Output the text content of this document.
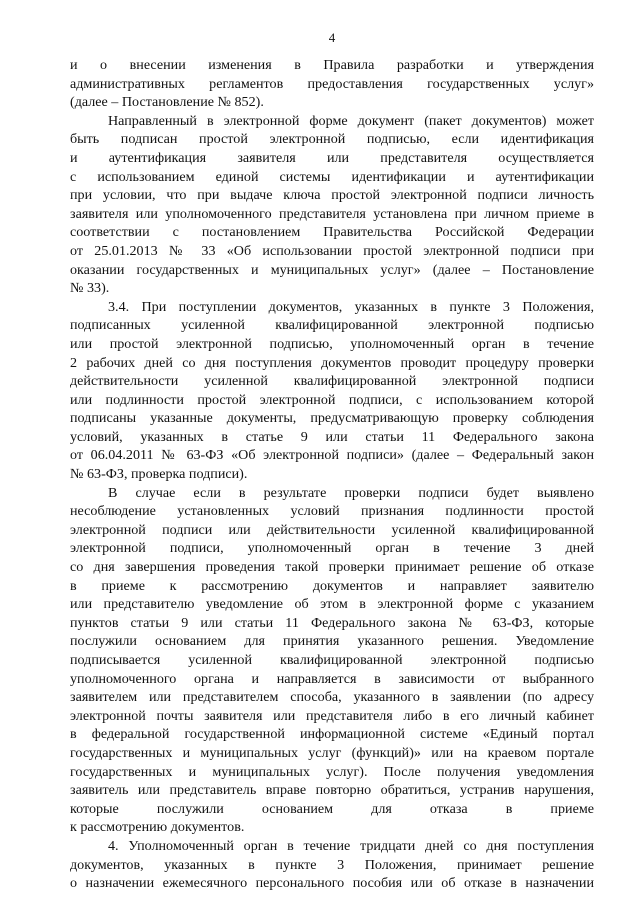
4

и о внесении изменения в Правила разработки и утверждения
административных регламентов предоставления государственных услуг»
(далее – Постановление № 852).

Направленный в электронной форме документ (пакет документов) может
быть подписан простой электронной подписью, если идентификация
и аутентификация заявителя или представителя осуществляется
с использованием единой системы идентификации и аутентификации
при условии, что при выдаче ключа простой электронной подписи личность
заявителя или уполномоченного представителя установлена при личном приеме в
соответствии с постановлением Правительства Российской Федерации
от 25.01.2013 № 33 «Об использовании простой электронной подписи при
оказании государственных и муниципальных услуг» (далее – Постановление
№ 33).

3.4. При поступлении документов, указанных в пункте 3 Положения,
подписанных усиленной квалифицированной электронной подписью
или простой электронной подписью, уполномоченный орган в течение
2 рабочих дней со дня поступления документов проводит процедуру проверки
действительности усиленной квалифицированной электронной подписи
или подлинности простой электронной подписи, с использованием которой
подписаны указанные документы, предусматривающую проверку соблюдения
условий, указанных в статье 9 или статьи 11 Федерального закона
от 06.04.2011 № 63-ФЗ «Об электронной подписи» (далее – Федеральный закон
№ 63-ФЗ, проверка подписи).

В случае если в результате проверки подписи будет выявлено
несоблюдение установленных условий признания подлинности простой
электронной подписи или действительности усиленной квалифицированной
электронной подписи, уполномоченный орган в течение 3 дней
со дня завершения проведения такой проверки принимает решение об отказе
в приеме к рассмотрению документов и направляет заявителю
или представителю уведомление об этом в электронной форме с указанием
пунктов статьи 9 или статьи 11 Федерального закона № 63-ФЗ, которые
послужили основанием для принятия указанного решения. Уведомление
подписывается усиленной квалифицированной электронной подписью
уполномоченного органа и направляется в зависимости от выбранного
заявителем или представителем способа, указанного в заявлении (по адресу
электронной почты заявителя или представителя либо в его личный кабинет
в федеральной государственной информационной системе «Единый портал
государственных и муниципальных услуг (функций)» или на краевом портале
государственных и муниципальных услуг). После получения уведомления
заявитель или представитель вправе повторно обратиться, устранив нарушения,
которые послужили основанием для отказа в приеме
к рассмотрению документов.

4. Уполномоченный орган в течение тридцати дней со дня поступления
документов, указанных в пункте 3 Положения, принимает решение
о назначении ежемесячного персонального пособия или об отказе в назначении
